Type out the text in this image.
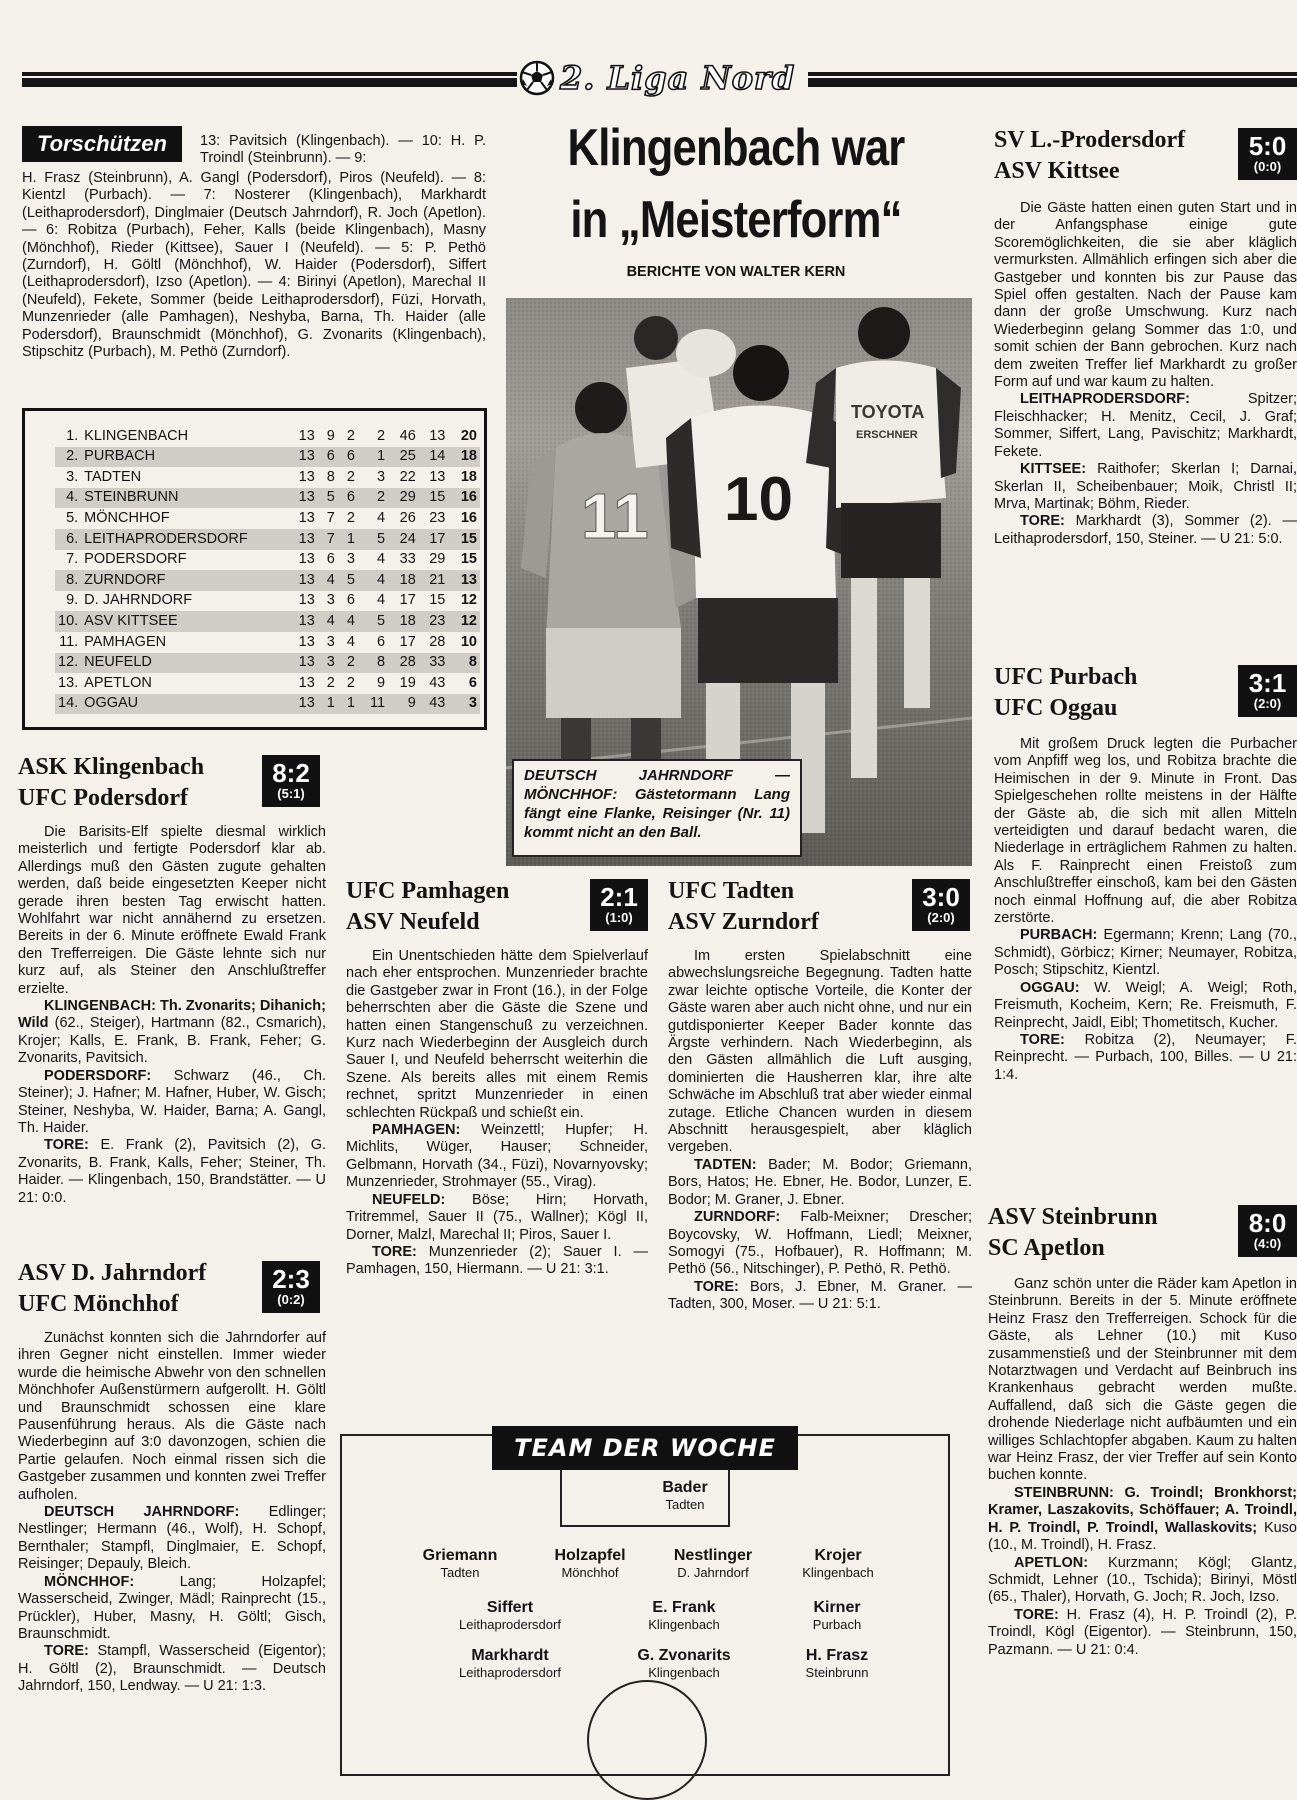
2. Liga Nord
Torschützen	13: Pavitsich (Klingenbach). — 10: H. P. Troindl (Steinbrunn). — 9:
H. Frasz (Steinbrunn), A. Gangl (Podersdorf), Piros (Neufeld). — 8: Kientzl (Purbach). — 7: Nosterer (Klingenbach), Markhardt (Leithaprodersdorf), Dinglmaier (Deutsch Jahrndorf), R. Joch (Apetlon). — 6: Robitza (Purbach), Feher, Kalls (beide Klingenbach), Masny (Mönchhof), Rieder (Kittsee), Sauer I (Neufeld). — 5: P. Pethö (Zurndorf), H. Göltl (Mönchhof), W. Haider (Podersdorf), Siffert (Leithaprodersdorf), Izso (Apetlon). — 4: Birinyi (Apetlon), Marechal II (Neufeld), Fekete, Sommer (beide Leithaprodersdorf), Füzi, Horvath, Munzenrieder (alle Pamhagen), Neshyba, Barna, Th. Haider (alle Podersdorf), Braunschmidt (Mönchhof), G. Zvonarits (Klingenbach), Stipschitz (Purbach), M. Pethö (Zurndorf).
1.	KLINGENBACH	13	9	2	2	46	13	20
2.	PURBACH	13	6	6	1	25	14	18
3.	TADTEN	13	8	2	3	22	13	18
4.	STEINBRUNN	13	5	6	2	29	15	16
5.	MÖNCHHOF	13	7	2	4	26	23	16
6.	LEITHAPRODERSDORF	13	7	1	5	24	17	15
7.	PODERSDORF	13	6	3	4	33	29	15
8.	ZURNDORF	13	4	5	4	18	21	13
9.	D. JAHRNDORF	13	3	6	4	17	15	12
10.	ASV KITTSEE	13	4	4	5	18	23	12
11.	PAMHAGEN	13	3	4	6	17	28	10
12.	NEUFELD	13	3	2	8	28	33	8
13.	APETLON	13	2	2	9	19	43	6
14.	OGGAU	13	1	1	11	9	43	3
Klingenbach war
in „Meisterform“
BERICHTE VON WALTER KERN
11 10
TOYOTA
ERSCHNER
DEUTSCH JAHRNDORF — MÖNCHHOF: Gästetormann Lang fängt eine Flanke, Reisinger (Nr. 11) kommt nicht an den Ball.
ASK Klingenbach
UFC Podersdorf
8:2
(5:1)
Die Barisits-Elf spielte diesmal wirklich meisterlich und fertigte Podersdorf klar ab. Allerdings muß den Gästen zugute gehalten werden, daß beide eingesetzten Keeper nicht gerade ihren besten Tag erwischt hatten. Wohlfahrt war nicht annähernd zu ersetzen. Bereits in der 6. Minute eröffnete Ewald Frank den Trefferreigen. Die Gäste lehnte sich nur kurz auf, als Steiner den Anschlußtreffer erzielte.
KLINGENBACH: Th. Zvonarits; Dihanich; Wild (62., Steiger), Hartmann (82., Csmarich), Krojer; Kalls, E. Frank, B. Frank, Feher; G. Zvonarits, Pavitsich.
PODERSDORF: Schwarz (46., Ch. Steiner); J. Hafner; M. Hafner, Huber, W. Gisch; Steiner, Neshyba, W. Haider, Barna; A. Gangl, Th. Haider.
TORE: E. Frank (2), Pavitsich (2), G. Zvonarits, B. Frank, Kalls, Feher; Steiner, Th. Haider. — Klingenbach, 150, Brandstätter. — U 21: 0:0.
ASV D. Jahrndorf
UFC Mönchhof
2:3
(0:2)
Zunächst konnten sich die Jahrndorfer auf ihren Gegner nicht einstellen. Immer wieder wurde die heimische Abwehr von den schnellen Mönchhofer Außenstürmern aufgerollt. H. Göltl und Braunschmidt schossen eine klare Pausenführung heraus. Als die Gäste nach Wiederbeginn auf 3:0 davonzogen, schien die Partie gelaufen. Noch einmal rissen sich die Gastgeber zusammen und konnten zwei Treffer aufholen.
DEUTSCH JAHRNDORF: Edlinger; Nestlinger; Hermann (46., Wolf), H. Schopf, Bernthaler; Stampfl, Dinglmaier, E. Schopf, Reisinger; Depauly, Bleich.
MÖNCHHOF: Lang; Holzapfel; Wasserscheid, Zwinger, Mädl; Rainprecht (15., Prückler), Huber, Masny, H. Göltl; Gisch, Braunschmidt.
TORE: Stampfl, Wasserscheid (Eigentor); H. Göltl (2), Braunschmidt. — Deutsch Jahrndorf, 150, Lendway. — U 21: 1:3.
UFC Pamhagen
ASV Neufeld
2:1
(1:0)
Ein Unentschieden hätte dem Spielverlauf nach eher entsprochen. Munzenrieder brachte die Gastgeber zwar in Front (16.), in der Folge beherrschten aber die Gäste die Szene und hatten einen Stangenschuß zu verzeichnen. Kurz nach Wiederbeginn der Ausgleich durch Sauer I, und Neufeld beherrscht weiterhin die Szene. Als bereits alles mit einem Remis rechnet, spritzt Munzenrieder in einen schlechten Rückpaß und schießt ein.
PAMHAGEN: Weinzettl; Hupfer; H. Michlits, Wüger, Hauser; Schneider, Gelbmann, Horvath (34., Füzi), Novarnyovsky; Munzenrieder, Strohmayer (55., Virag).
NEUFELD: Böse; Hirn; Horvath, Tritremmel, Sauer II (75., Wallner); Kögl II, Dorner, Malzl, Marechal II; Piros, Sauer I.
TORE: Munzenrieder (2); Sauer I. — Pamhagen, 150, Hiermann. — U 21: 3:1.
UFC Tadten
ASV Zurndorf
3:0
(2:0)
Im ersten Spielabschnitt eine abwechslungsreiche Begegnung. Tadten hatte zwar leichte optische Vorteile, die Konter der Gäste waren aber auch nicht ohne, und nur ein gutdisponierter Keeper Bader konnte das Ärgste verhindern. Nach Wiederbeginn, als den Gästen allmählich die Luft ausging, dominierten die Hausherren klar, ihre alte Schwäche im Abschluß trat aber wieder einmal zutage. Etliche Chancen wurden in diesem Abschnitt herausgespielt, aber kläglich vergeben.
TADTEN: Bader; M. Bodor; Griemann, Bors, Hatos; He. Ebner, He. Bodor, Lunzer, E. Bodor; M. Graner, J. Ebner.
ZURNDORF: Falb-Meixner; Drescher; Boycovsky, W. Hoffmann, Liedl; Meixner, Somogyi (75., Hofbauer), R. Hoffmann; M. Pethö (56., Nitschinger), P. Pethö, R. Pethö.
TORE: Bors, J. Ebner, M. Graner. — Tadten, 300, Moser. — U 21: 5:1.
SV L.-Prodersdorf
ASV Kittsee
5:0
(0:0)
Die Gäste hatten einen guten Start und in der Anfangsphase einige gute Scoremöglichkeiten, die sie aber kläglich vermurksten. Allmählich erfingen sich aber die Gastgeber und konnten bis zur Pause das Spiel offen gestalten. Nach der Pause kam dann der große Umschwung. Kurz nach Wiederbeginn gelang Sommer das 1:0, und somit schien der Bann gebrochen. Kurz nach dem zweiten Treffer lief Markhardt zu großer Form auf und war kaum zu halten.
LEITHAPRODERSDORF: Spitzer; Fleischhacker; H. Menitz, Cecil, J. Graf; Sommer, Siffert, Lang, Pavischitz; Markhardt, Fekete.
KITTSEE: Raithofer; Skerlan I; Darnai, Skerlan II, Scheibenbauer; Moik, Christl II; Mrva, Martinak; Böhm, Rieder.
TORE: Markhardt (3), Sommer (2). — Leithaprodersdorf, 150, Steiner. — U 21: 5:0.
UFC Purbach
UFC Oggau
3:1
(2:0)
Mit großem Druck legten die Purbacher vom Anpfiff weg los, und Robitza brachte die Heimischen in der 9. Minute in Front. Das Spielgeschehen rollte meistens in der Hälfte der Gäste ab, die sich mit allen Mitteln verteidigten und darauf bedacht waren, die Niederlage in erträglichem Rahmen zu halten. Als F. Rainprecht einen Freistoß zum Anschlußtreffer einschoß, kam bei den Gästen noch einmal Hoffnung auf, die aber Robitza zerstörte.
PURBACH: Egermann; Krenn; Lang (70., Schmidt), Görbicz; Kirner; Neumayer, Robitza, Posch; Stipschitz, Kientzl.
OGGAU: W. Weigl; A. Weigl; Roth, Freismuth, Kocheim, Kern; Re. Freismuth, F. Reinprecht, Jaidl, Eibl; Thometitsch, Kucher.
TORE: Robitza (2), Neumayer; F. Reinprecht. — Purbach, 100, Billes. — U 21: 1:4.
ASV Steinbrunn
SC Apetlon
8:0
(4:0)
Ganz schön unter die Räder kam Apetlon in Steinbrunn. Bereits in der 5. Minute eröffnete Heinz Frasz den Trefferreigen. Schock für die Gäste, als Lehner (10.) mit Kuso zusammenstieß und der Steinbrunner mit dem Notarztwagen und Verdacht auf Beinbruch ins Krankenhaus gebracht werden mußte. Auffallend, daß sich die Gäste gegen die drohende Niederlage nicht aufbäumten und ein williges Schlachtopfer abgaben. Kaum zu halten war Heinz Frasz, der vier Treffer auf sein Konto buchen konnte.
STEINBRUNN: G. Troindl; Bronkhorst; Kramer, Laszakovits, Schöffauer; A. Troindl, H. P. Troindl, P. Troindl, Wallaskovits; Kuso (10., M. Troindl), H. Frasz.
APETLON: Kurzmann; Kögl; Glantz, Schmidt, Lehner (10., Tschida); Birinyi, Möstl (65., Thaler), Horvath, G. Joch; R. Joch, Izso.
TORE: H. Frasz (4), H. P. Troindl (2), P. Troindl, Kögl (Eigentor). — Steinbrunn, 150, Pazmann. — U 21: 0:4.
TEAM DER WOCHE
Bader
Tadten
Griemann
Tadten
Holzapfel
Mönchhof
Nestlinger
D. Jahrndorf
Krojer
Klingenbach
Siffert
Leithaprodersdorf
E. Frank
Klingenbach
Kirner
Purbach
Markhardt
Leithaprodersdorf
G. Zvonarits
Klingenbach
H. Frasz
Steinbrunn
